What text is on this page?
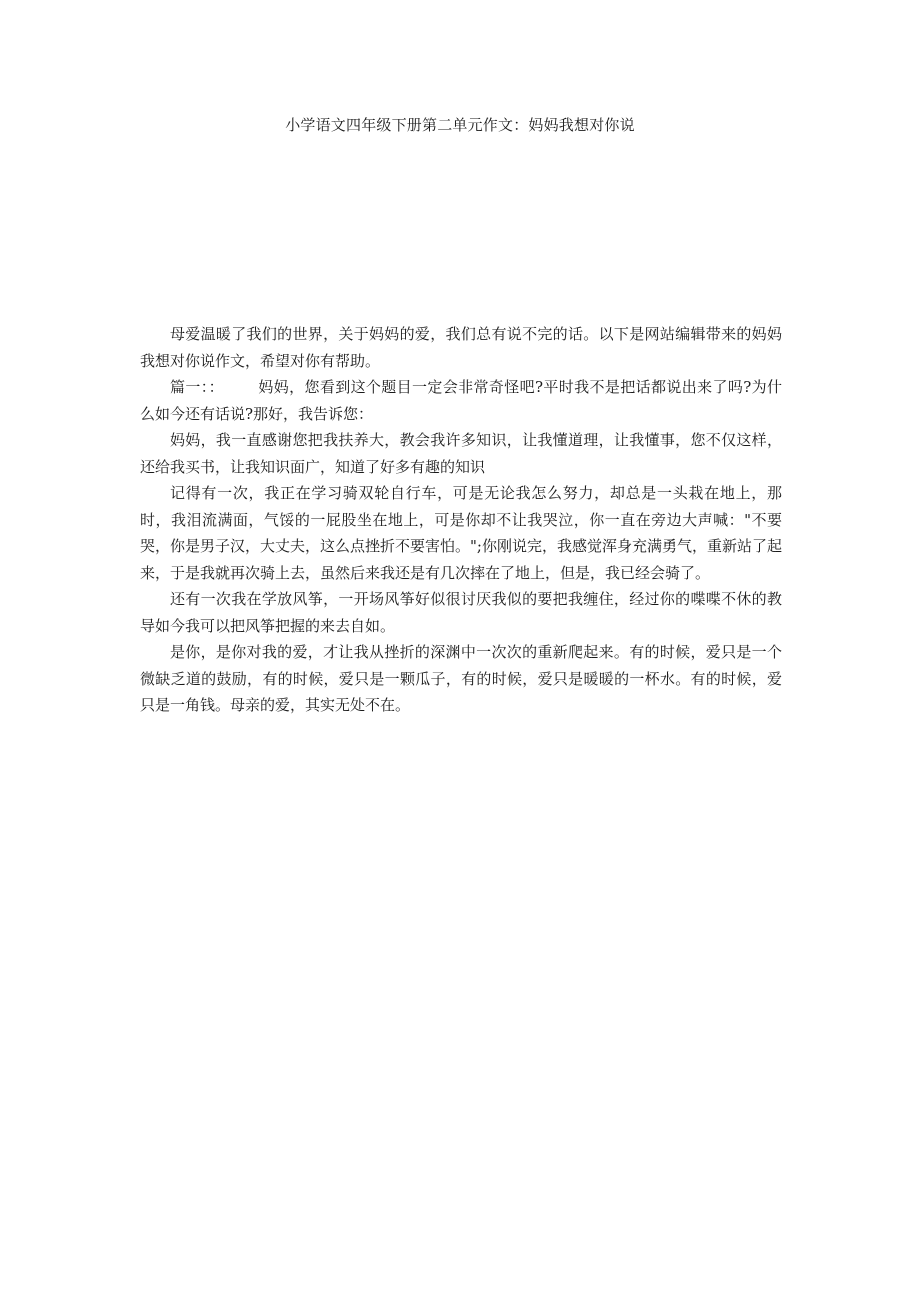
小学语文四年级下册第二单元作文：妈妈我想对你说

母爱温暖了我们的世界，关于妈妈的爱，我们总有说不完的话。以下是网站编辑带来的妈妈我想对你说作文，希望对你有帮助。

篇一：： 妈妈，您看到这个题目一定会非常奇怪吧?平时我不是把话都说出来了吗?为什么如今还有话说?那好，我告诉您：

妈妈，我一直感谢您把我扶养大，教会我许多知识，让我懂道理，让我懂事，您不仅这样，还给我买书，让我知识面广，知道了好多有趣的知识

记得有一次，我正在学习骑双轮自行车，可是无论我怎么努力，却总是一头栽在地上，那时，我泪流满面，气馁的一屁股坐在地上，可是你却不让我哭泣，你一直在旁边大声喊："不要哭，你是男子汉，大丈夫，这么点挫折不要害怕。";你刚说完，我感觉浑身充满勇气，重新站了起来，于是我就再次骑上去，虽然后来我还是有几次摔在了地上，但是，我已经会骑了。

还有一次我在学放风筝，一开场风筝好似很讨厌我似的要把我缠住，经过你的喋喋不休的教导如今我可以把风筝把握的来去自如。

是你，是你对我的爱，才让我从挫折的深渊中一次次的重新爬起来。有的时候，爱只是一个微缺乏道的鼓励，有的时候，爱只是一颗瓜子，有的时候，爱只是暖暖的一杯水。有的时候，爱只是一角钱。母亲的爱，其实无处不在。
